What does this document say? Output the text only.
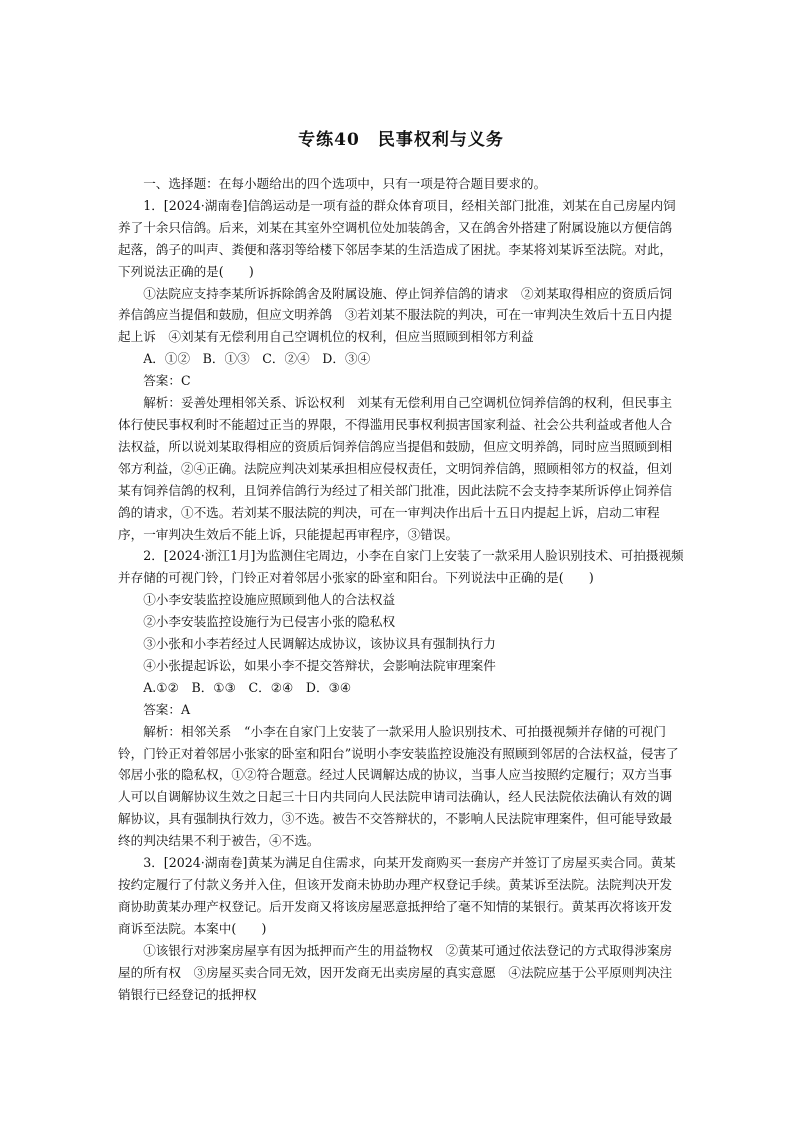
专练40　民事权利与义务

一、选择题：在每小题给出的四个选项中，只有一项是符合题目要求的。

1．[2024·湖南卷]信鸽运动是一项有益的群众体育项目，经相关部门批准，刘某在自己房屋内饲养了十余只信鸽。后来，刘某在其室外空调机位处加装鸽舍，又在鸽舍外搭建了附属设施以方便信鸽起落，鸽子的叫声、粪便和落羽等给楼下邻居李某的生活造成了困扰。李某将刘某诉至法院。对此，下列说法正确的是(　　)

①法院应支持李某所诉拆除鸽舍及附属设施、停止饲养信鸽的请求　②刘某取得相应的资质后饲养信鸽应当提倡和鼓励，但应文明养鸽　③若刘某不服法院的判决，可在一审判决生效后十五日内提起上诉　④刘某有无偿利用自己空调机位的权利，但应当照顾到相邻方利益

A．①②　B．①③　C．②④　D．③④

答案：C

解析：妥善处理相邻关系、诉讼权利　刘某有无偿利用自己空调机位饲养信鸽的权利，但民事主体行使民事权利时不能超过正当的界限，不得滥用民事权利损害国家利益、社会公共利益或者他人合法权益，所以说刘某取得相应的资质后饲养信鸽应当提倡和鼓励，但应文明养鸽，同时应当照顾到相邻方利益，②④正确。法院应判决刘某承担相应侵权责任，文明饲养信鸽，照顾相邻方的权益，但刘某有饲养信鸽的权利，且饲养信鸽行为经过了相关部门批准，因此法院不会支持李某所诉停止饲养信鸽的请求，①不选。若刘某不服法院的判决，可在一审判决作出后十五日内提起上诉，启动二审程序，一审判决生效后不能上诉，只能提起再审程序，③错误。

2．[2024·浙江1月]为监测住宅周边，小李在自家门上安装了一款采用人脸识别技术、可拍摄视频并存储的可视门铃，门铃正对着邻居小张家的卧室和阳台。下列说法中正确的是(　　)

①小李安装监控设施应照顾到他人的合法权益

②小李安装监控设施行为已侵害小张的隐私权

③小张和小李若经过人民调解达成协议，该协议具有强制执行力

④小张提起诉讼，如果小李不提交答辩状，会影响法院审理案件

A.①②　B．①③　C．②④　D．③④

答案：A

解析：相邻关系　“小李在自家门上安装了一款采用人脸识别技术、可拍摄视频并存储的可视门铃，门铃正对着邻居小张家的卧室和阳台”说明小李安装监控设施没有照顾到邻居的合法权益，侵害了邻居小张的隐私权，①②符合题意。经过人民调解达成的协议，当事人应当按照约定履行；双方当事人可以自调解协议生效之日起三十日内共同向人民法院申请司法确认，经人民法院依法确认有效的调解协议，具有强制执行效力，③不选。被告不交答辩状的，不影响人民法院审理案件，但可能导致最终的判决结果不利于被告，④不选。

3．[2024·湖南卷]黄某为满足自住需求，向某开发商购买一套房产并签订了房屋买卖合同。黄某按约定履行了付款义务并入住，但该开发商未协助办理产权登记手续。黄某诉至法院。法院判决开发商协助黄某办理产权登记。后开发商又将该房屋恶意抵押给了毫不知情的某银行。黄某再次将该开发商诉至法院。本案中(　　)

①该银行对涉案房屋享有因为抵押而产生的用益物权　②黄某可通过依法登记的方式取得涉案房屋的所有权　③房屋买卖合同无效，因开发商无出卖房屋的真实意愿　④法院应基于公平原则判决注销银行已经登记的抵押权
